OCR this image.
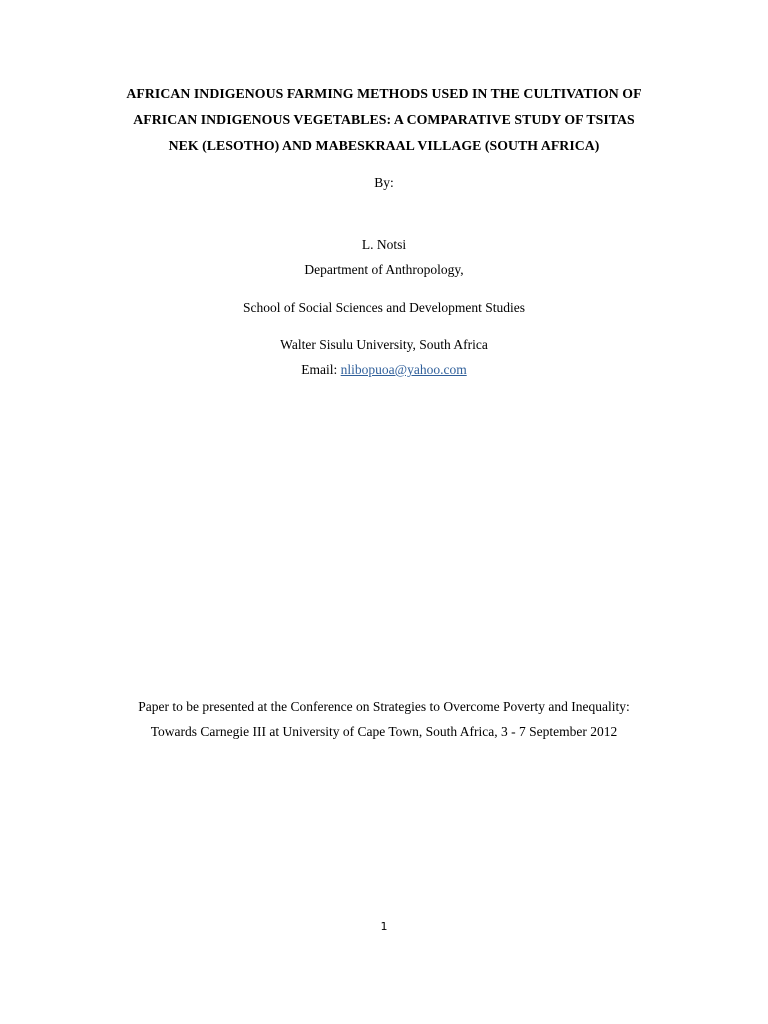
AFRICAN INDIGENOUS FARMING METHODS USED IN THE CULTIVATION OF
AFRICAN INDIGENOUS VEGETABLES: A COMPARATIVE STUDY OF TSITAS
NEK (LESOTHO) AND MABESKRAAL VILLAGE (SOUTH AFRICA)
By:
L. Notsi
Department of Anthropology,
School of Social Sciences and Development Studies
Walter Sisulu University, South Africa
Email: nlibopuoa@yahoo.com
Paper to be presented at the Conference on Strategies to Overcome Poverty and Inequality:
Towards Carnegie III at University of Cape Town, South Africa, 3 - 7 September 2012
1
